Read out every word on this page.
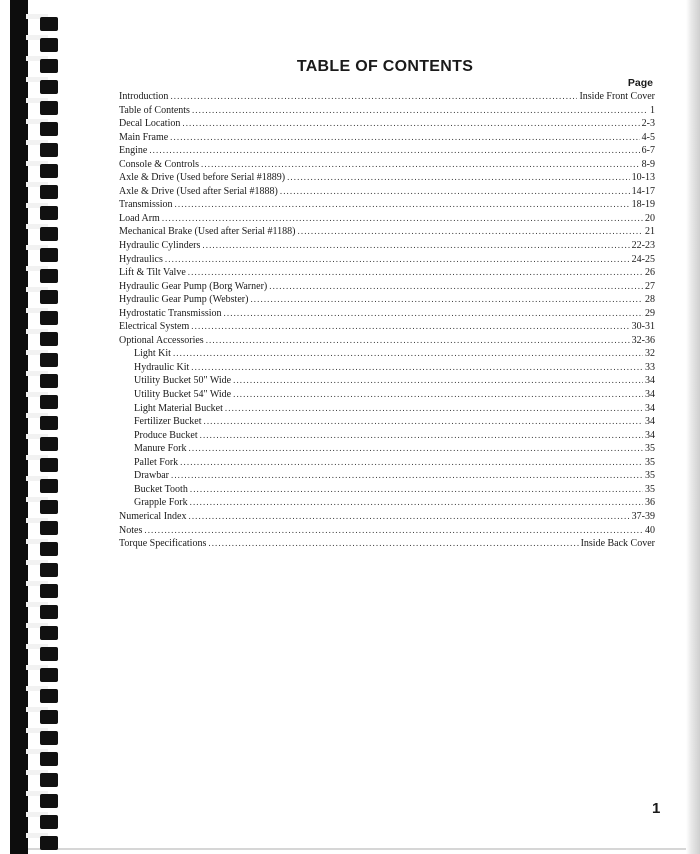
TABLE OF CONTENTS
Page
Introduction .....	Inside Front Cover
Table of Contents .....	1
Decal Location .....	2-3
Main Frame .....	4-5
Engine .....	6-7
Console & Controls .....	8-9
Axle & Drive (Used before Serial #1889) .....	10-13
Axle & Drive (Used after Serial #1888) .....	14-17
Transmission .....	18-19
Load Arm .....	20
Mechanical Brake (Used after Serial #1188) .....	21
Hydraulic Cylinders .....	22-23
Hydraulics .....	24-25
Lift & Tilt Valve .....	26
Hydraulic Gear Pump (Borg Warner) .....	27
Hydraulic Gear Pump (Webster) .....	28
Hydrostatic Transmission .....	29
Electrical System .....	30-31
Optional Accessories .....	32-36
Light Kit .....	32
Hydraulic Kit .....	33
Utility Bucket 50" Wide .....	34
Utility Bucket 54" Wide .....	34
Light Material Bucket .....	34
Fertilizer Bucket .....	34
Produce Bucket .....	34
Manure Fork .....	35
Pallet Fork .....	35
Drawbar .....	35
Bucket Tooth .....	35
Grapple Fork .....	36
Numerical Index .....	37-39
Notes .....	40
Torque Specifications .....	Inside Back Cover
1
